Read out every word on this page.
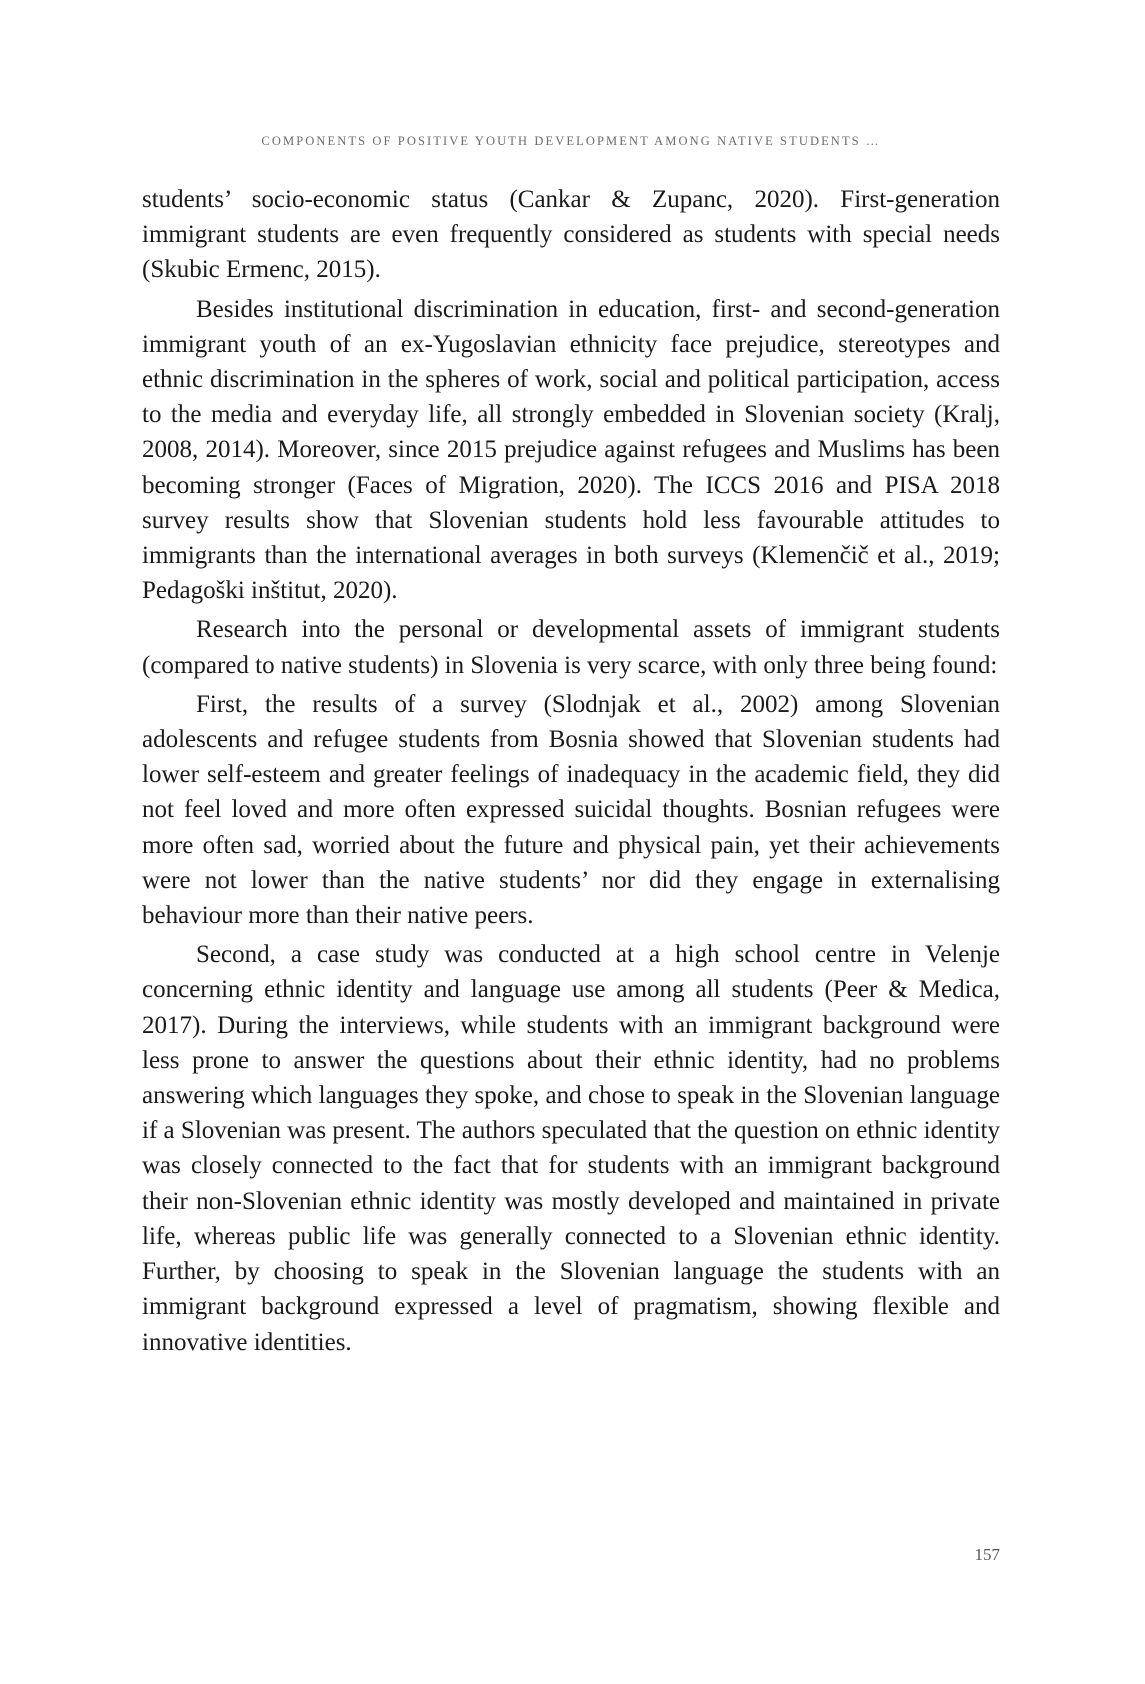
COMPONENTS OF POSITIVE YOUTH DEVELOPMENT AMONG NATIVE STUDENTS …

students’ socio-economic status (Cankar & Zupanc, 2020). First-generation immigrant students are even frequently considered as students with special needs (Skubic Ermenc, 2015).

Besides institutional discrimination in education, first- and second-generation immigrant youth of an ex-Yugoslavian ethnicity face prejudice, stereotypes and ethnic discrimination in the spheres of work, social and political participation, access to the media and everyday life, all strongly embedded in Slovenian society (Kralj, 2008, 2014). Moreover, since 2015 prejudice against refugees and Muslims has been becoming stronger (Faces of Migration, 2020). The ICCS 2016 and PISA 2018 survey results show that Slovenian students hold less favourable attitudes to immigrants than the international averages in both surveys (Klemenčič et al., 2019; Pedagoški inštitut, 2020).

Research into the personal or developmental assets of immigrant students (compared to native students) in Slovenia is very scarce, with only three being found:

First, the results of a survey (Slodnjak et al., 2002) among Slovenian adolescents and refugee students from Bosnia showed that Slovenian students had lower self-esteem and greater feelings of inadequacy in the academic field, they did not feel loved and more often expressed suicidal thoughts. Bosnian refugees were more often sad, worried about the future and physical pain, yet their achievements were not lower than the native students’ nor did they engage in externalising behaviour more than their native peers.

Second, a case study was conducted at a high school centre in Velenje concerning ethnic identity and language use among all students (Peer & Medica, 2017). During the interviews, while students with an immigrant background were less prone to answer the questions about their ethnic identity, had no problems answering which languages they spoke, and chose to speak in the Slovenian language if a Slovenian was present. The authors speculated that the question on ethnic identity was closely connected to the fact that for students with an immigrant background their non-Slovenian ethnic identity was mostly developed and maintained in private life, whereas public life was generally connected to a Slovenian ethnic identity. Further, by choosing to speak in the Slovenian language the students with an immigrant background expressed a level of pragmatism, showing flexible and innovative identities.

157
